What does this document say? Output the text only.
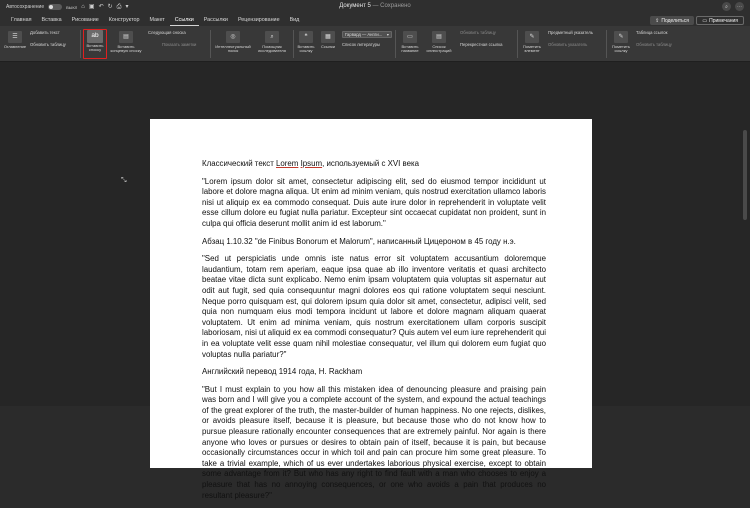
Автосохранение	ВЫКЛ ⌂ ▣ ↶ ↻ ⎙ ▾	Документ 5 — Сохранено	⌕	⋯
Главная	Вставка	Рисование	Конструктор	Макет	Ссылки	Рассылки	Рецензирование	Вид	⇪ Поделиться	▭ Примечания
☰
Оглавление
Добавить текст
Обновить таблицу
ab
Вставить
сноску
▤
Вставить
концевую сноску
Следующая сноска
Показать заметки
◎
Интеллектуальный
поиск
⌕
Помощник
исследователя
❝
Вставить
ссылку
▦
Ссылки
Гарвард — Англи... ▾
Список литературы
▭
Вставить
название
▤
Список
иллюстраций
Обновить таблицу
Перекрестная ссылка
✎
Пометить
элемент
Предметный указатель
Обновить указатель
✎
Пометить
ссылку
Таблица ссылок
Обновить таблицу
⤡

Классический текст Lorem Ipsum, используемый с XVI века

"Lorem ipsum dolor sit amet, consectetur adipiscing elit, sed do eiusmod tempor incididunt ut labore et dolore magna aliqua. Ut enim ad minim veniam, quis nostrud exercitation ullamco laboris nisi ut aliquip ex ea commodo consequat. Duis aute irure dolor in reprehenderit in voluptate velit esse cillum dolore eu fugiat nulla pariatur. Excepteur sint occaecat cupidatat non proident, sunt in culpa qui officia deserunt mollit anim id est laborum."

Абзац 1.10.32 "de Finibus Bonorum et Malorum", написанный Цицероном в 45 году н.э.

"Sed ut perspiciatis unde omnis iste natus error sit voluptatem accusantium doloremque laudantium, totam rem aperiam, eaque ipsa quae ab illo inventore veritatis et quasi architecto beatae vitae dicta sunt explicabo. Nemo enim ipsam voluptatem quia voluptas sit aspernatur aut odit aut fugit, sed quia consequuntur magni dolores eos qui ratione voluptatem sequi nesciunt. Neque porro quisquam est, qui dolorem ipsum quia dolor sit amet, consectetur, adipisci velit, sed quia non numquam eius modi tempora incidunt ut labore et dolore magnam aliquam quaerat voluptatem. Ut enim ad minima veniam, quis nostrum exercitationem ullam corporis suscipit laboriosam, nisi ut aliquid ex ea commodi consequatur? Quis autem vel eum iure reprehenderit qui in ea voluptate velit esse quam nihil molestiae consequatur, vel illum qui dolorem eum fugiat quo voluptas nulla pariatur?"

Английский перевод 1914 года, H. Rackham

"But I must explain to you how all this mistaken idea of denouncing pleasure and praising pain was born and I will give you a complete account of the system, and expound the actual teachings of the great explorer of the truth, the master-builder of human happiness. No one rejects, dislikes, or avoids pleasure itself, because it is pleasure, but because those who do not know how to pursue pleasure rationally encounter consequences that are extremely painful. Nor again is there anyone who loves or pursues or desires to obtain pain of itself, because it is pain, but because occasionally circumstances occur in which toil and pain can procure him some great pleasure. To take a trivial example, which of us ever undertakes laborious physical exercise, except to obtain some advantage from it? But who has any right to find fault with a man who chooses to enjoy a pleasure that has no annoying consequences, or one who avoids a pain that produces no resultant pleasure?"
